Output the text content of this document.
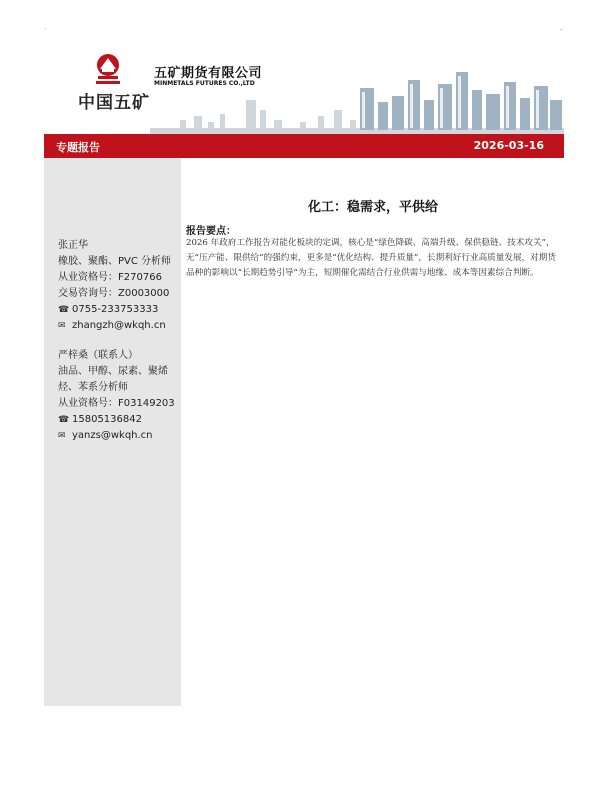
·	-
中国五矿
五矿期货有限公司
MINMETALS FUTURES CO.,LTD
专题报告	2026-03-16
张正华
橡胶、聚酯、PVC 分析师
从业资格号：F270766
交易咨询号：Z0003000
☎ 0755-233753333
✉ zhangzh@wkqh.cn
严梓桑（联系人）
油品、甲醇、尿素、聚烯烃、苯系分析师
从业资格号：F03149203
☎ 15805136842
✉ yanzs@wkqh.cn
化工：稳需求，平供给
报告要点：
2026 年政府工作报告对能化板块的定调，核心是“绿色降碳、高端升级、保供稳链、技术攻关”，无“压产能、限供给”的强约束，更多是“优化结构、提升质量”，长期利好行业高质量发展，对期货品种的影响以“长期趋势引导”为主，短期催化需结合行业供需与地缘、成本等因素综合判断。
